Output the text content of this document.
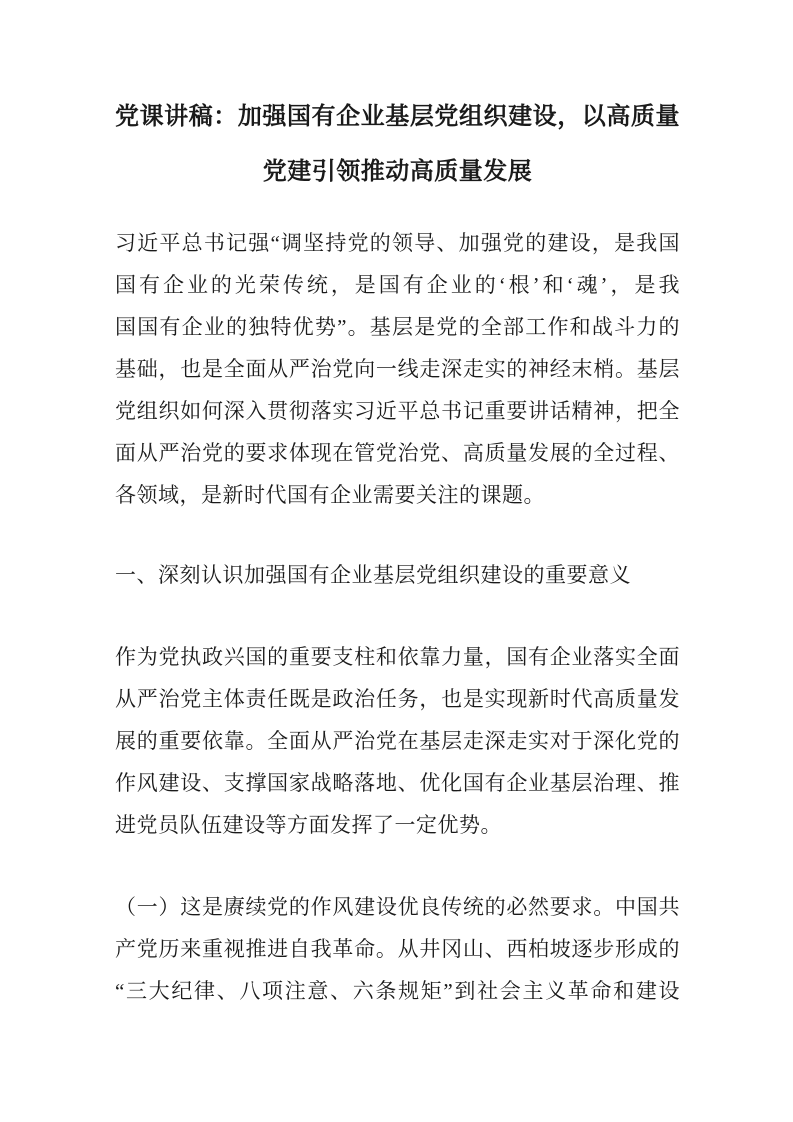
党课讲稿：加强国有企业基层党组织建设，以高质量
党建引领推动高质量发展
习近平总书记强“调坚持党的领导、加强党的建设，是我国
国有企业的光荣传统，是国有企业的‘根’和‘魂’，是我
国国有企业的独特优势”。基层是党的全部工作和战斗力的
基础，也是全面从严治党向一线走深走实的神经末梢。基层
党组织如何深入贯彻落实习近平总书记重要讲话精神，把全
面从严治党的要求体现在管党治党、高质量发展的全过程、
各领域，是新时代国有企业需要关注的课题。
一、深刻认识加强国有企业基层党组织建设的重要意义
作为党执政兴国的重要支柱和依靠力量，国有企业落实全面
从严治党主体责任既是政治任务，也是实现新时代高质量发
展的重要依靠。全面从严治党在基层走深走实对于深化党的
作风建设、支撑国家战略落地、优化国有企业基层治理、推
进党员队伍建设等方面发挥了一定优势。
（一）这是赓续党的作风建设优良传统的必然要求。中国共
产党历来重视推进自我革命。从井冈山、西柏坡逐步形成的
“三大纪律、八项注意、六条规矩”到社会主义革命和建设
